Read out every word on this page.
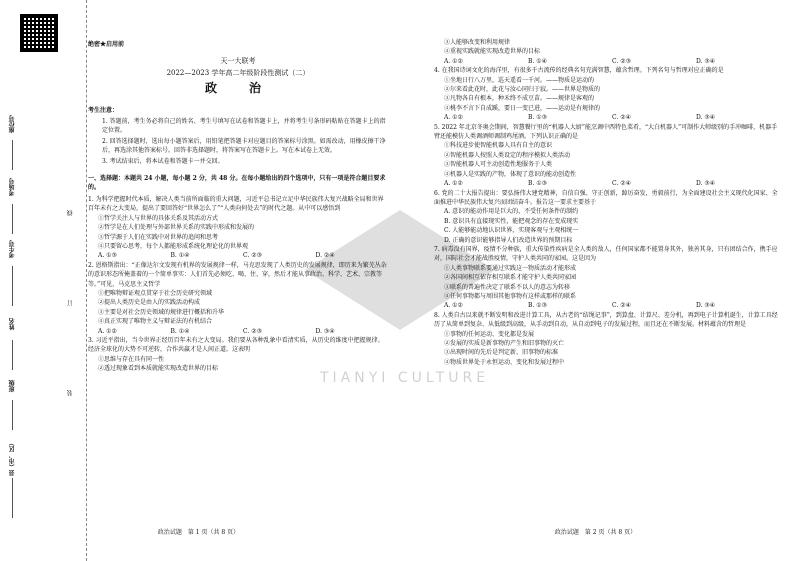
座位号
考场号
考生号
姓名
班级
县（市、区）
线
订
装
绝密★启用前
天一大联考
2022—2023 学年高二年级阶段性测试（二）
政　治
考生注意：
1. 答题前，考生务必将自己的姓名、考生号填写在试卷和答题卡上，并将考生号条形码粘贴在答题卡上的指定位置。
2. 回答选择题时，选出每小题答案后，用铅笔把答题卡对应题目的答案标号涂黑。如需改动，用橡皮擦干净后，再选涂其他答案标号。回答非选择题时，将答案写在答题卡上。写在本试卷上无效。
3. 考试结束后，将本试卷和答题卡一并交回。
一、选择题：本题共 24 小题，每小题 2 分，共 48 分。在每小题给出的四个选项中，只有一项是符合题目要求的。
1. 为科学把握时代本质，解决人类当前所面临的重大问题，习近平总书记立足中华民族伟大复兴战略全局和世界百年未有之大变局，提出了要回答好“世界怎么了”“人类向何处去”的时代之题。从中可以感悟到
①哲学关注人与世界的具体关系及其活动方式
②哲学是在人们处理与外部世界关系的实践中形成和发展的
③哲学源于人们在实践中对世界的追问和思考
④只要留心思考，每个人都能形成系统化理论化的世界观
A. ①③	B. ①④	C. ②③	D. ②④
2. 恩格斯指出：“正像达尔文发现有机界的发展规律一样，马克思发现了人类历史的发展规律，即历来为繁芜丛杂的意识形态所掩盖着的一个简单事实：人们首先必须吃、喝、住、穿，然后才能从事政治、科学、艺术、宗教等等。”可见，马克思主义哲学
①把唯物辩证观点贯穿于社会历史研究领域
②提出人类历史是由人的实践活动构成
③主要是对社会历史领域的规律进行概括和升华
④真正实现了唯物主义与辩证法的有机结合
A. ①②	B. ①④	C. ②③	D. ③④
3. 习近平指出，当今世界正经历百年未有之大变局。我们要从各种乱象中看清实质，从历史的维度中把握规律。经济全球化的大势不可逆转，合作共赢才是人间正道。这表明
①思维与存在具有同一性
②透过现象看到本质就能实现改造世界的目标
政治试题　第 1 页（共 8 页）	政治试题　第 2 页（共 8 页）
③人能够改变和利用规律
④重视实践就能实现改造世界的目标
A. ①②	B. ①④	C. ②③	D. ③④
4. 在我国诗词文化的海洋里，有很多千古流传的经典名句充满智慧，蕴含哲理。下列名句与哲理对应正确的是
①坐地日行八万里，巡天遥看一千河。——物质是运动的
②尔来看此花时，此花与汝心同归于寂。——世界是物质的
③凡物各自有根本，种禾终不成豆苗。——规律是客观的
④桃李不言下自成蹊，要日一变已进，——运动是有规律的
A. ①②	B. ①③	C. ②④	D. ③④
5. 2022 年北京冬奥会期间，智慧餐厅里的“机器人大厨”能烹调中西特色菜肴，“大白机器人”可制作大师级别的手冲咖啡，机器手臂还能模仿人类调酒师调制鸡尾酒。下列认识正确的是
①科技进步使智能机器人具有自主的意识
②智能机器人按照人类设定的程序模拟人类活动
③智能机器人可主动创造性地服务于人类
④机器人是实践的产物，体现了意识的能动创造性
A. ①②	B. ①③	C. ②④	D. ③④
6. 党的二十大报告提出：要弘扬伟大建党精神，自信自强、守正创新，踔厉奋发，勇毅前行，为全面建设社会主义现代化国家、全面推进中华民族伟大复兴而团结奋斗。报告这一要求主要基于
A. 意识的能动作用是巨大的，不受任何条件的制约
B. 意识具有直接现实性，能把观念的存在变成现实
C. 人能够能动地认识世界，实现客观与主观相统一
D. 正确的意识能够指导人们改造世界的预期目标
7. 病毒没有国界，疫情不分种族，重大传染性疾病是全人类的敌人，任何国家都不能置身其外，独善其身，只有团结合作，携手应对，国际社会才能战胜疫情，守护人类共同的家园。这是因为
①人类事物联系要通过实践这一物质活动才能形成
②各国间相互依存相互联系才能守护人类共同家园
③联系的普遍性决定了联系不以人的意志为转移
④任何事物都与周围其他事物有这样或那样的联系
A. ①②	B. ①③	C. ②④	D. ③④
8. 人类自古以来就不断发明和改进计算工具，从古老的“结绳记事”，到算盘、计算尺、差分机，再到电子计算机诞生，计算工具经历了从简单到复杂、从低级到高级，从手动到自动，从自动到电子的发展过程，而且还在不断发展。材料蕴含的哲理是
①事物的任何运动、变化都是发展
②发展的实质是新事物的产生和旧事物的灭亡
③出现时间的先后是判定新、旧事物的标准
④物质世界处于永恒运动、变化和发展过程中
TIANYI CULTURE
